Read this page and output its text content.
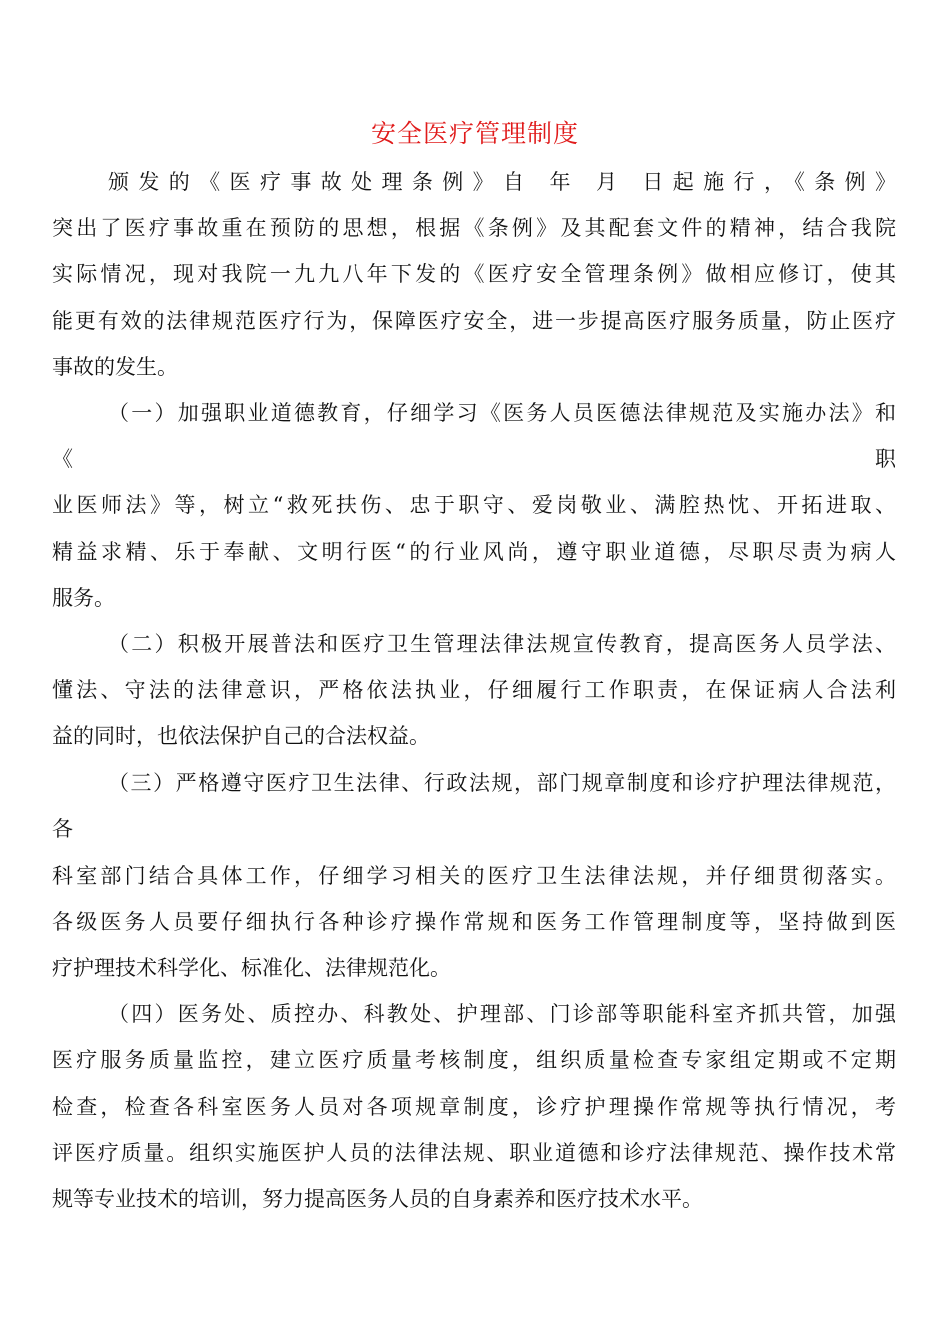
安全医疗管理制度
颁发的《医疗事故处理条例》自 年 月 日起施行，《条例》
突出了医疗事故重在预防的思想，根据《条例》及其配套文件的精神，结合我院
实际情况，现对我院一九九八年下发的《医疗安全管理条例》做相应修订，使其
能更有效的法律规范医疗行为，保障医疗安全，进一步提高医疗服务质量，防止医疗
事故的发生。
（一）加强职业道德教育，仔细学习《医务人员医德法律规范及实施办法》和
《 职
业医师法》等，树立“救死扶伤、忠于职守、爱岗敬业、满腔热忱、开拓进取、
精益求精、乐于奉献、文明行医“的行业风尚，遵守职业道德，尽职尽责为病人
服务。
（二）积极开展普法和医疗卫生管理法律法规宣传教育，提高医务人员学法、
懂法、守法的法律意识，严格依法执业，仔细履行工作职责，在保证病人合法利
益的同时，也依法保护自己的合法权益。
（三）严格遵守医疗卫生法律、行政法规，部门规章制度和诊疗护理法律规范，
各
科室部门结合具体工作，仔细学习相关的医疗卫生法律法规，并仔细贯彻落实。
各级医务人员要仔细执行各种诊疗操作常规和医务工作管理制度等，坚持做到医
疗护理技术科学化、标准化、法律规范化。
（四）医务处、质控办、科教处、护理部、门诊部等职能科室齐抓共管，加强
医疗服务质量监控，建立医疗质量考核制度，组织质量检查专家组定期或不定期
检查，检查各科室医务人员对各项规章制度，诊疗护理操作常规等执行情况，考
评医疗质量。组织实施医护人员的法律法规、职业道德和诊疗法律规范、操作技术常
规等专业技术的培训，努力提高医务人员的自身素养和医疗技术水平。
